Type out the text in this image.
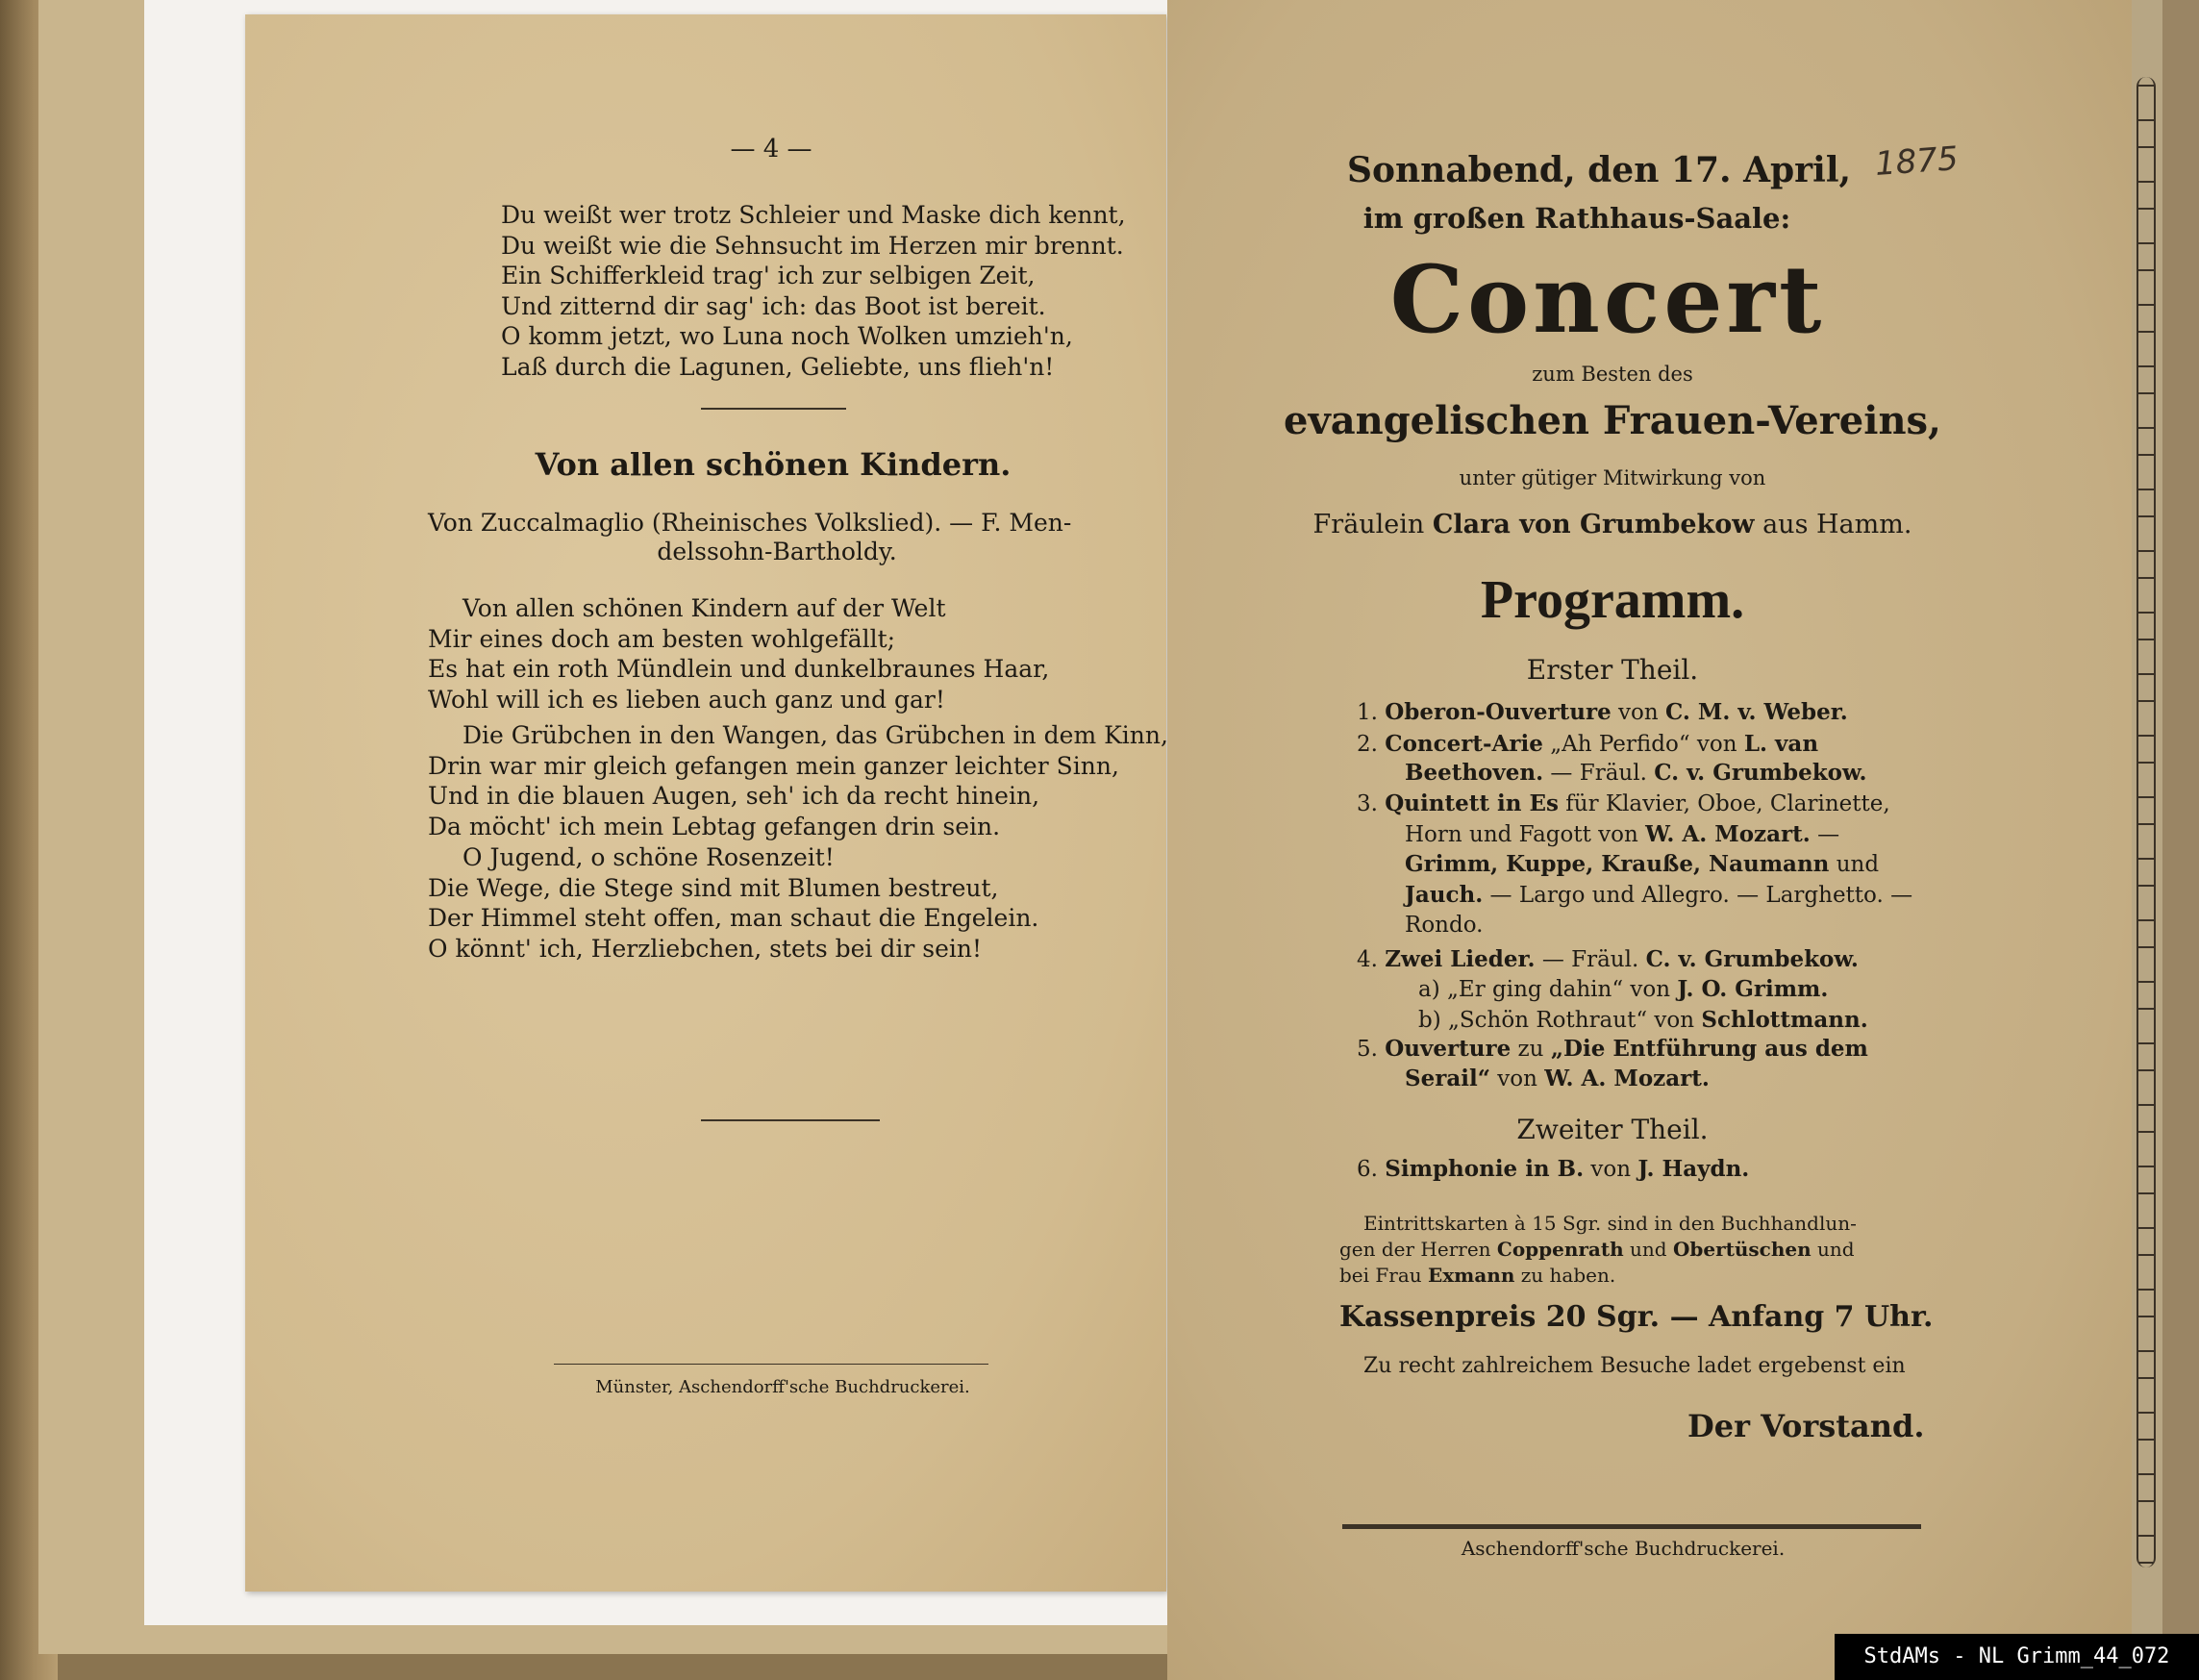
— 4 —
Du weißt wer trotz Schleier und Maske dich kennt,
Du weißt wie die Sehnsucht im Herzen mir brennt.
Ein Schifferkleid trag' ich zur selbigen Zeit,
Und zitternd dir sag' ich: das Boot ist bereit.
O komm jetzt, wo Luna noch Wolken umzieh'n,
Laß durch die Lagunen, Geliebte, uns flieh'n!
Von allen schönen Kindern.
Von Zuccalmaglio (Rheinisches Volkslied). — F. Men-
delssohn-Bartholdy.
Von allen schönen Kindern auf der Welt
Mir eines doch am besten wohlgefällt;
Es hat ein roth Mündlein und dunkelbraunes Haar,
Wohl will ich es lieben auch ganz und gar!
Die Grübchen in den Wangen, das Grübchen in dem Kinn,
Drin war mir gleich gefangen mein ganzer leichter Sinn,
Und in die blauen Augen, seh' ich da recht hinein,
Da möcht' ich mein Lebtag gefangen drin sein.
O Jugend, o schöne Rosenzeit!
Die Wege, die Stege sind mit Blumen bestreut,
Der Himmel steht offen, man schaut die Engelein.
O könnt' ich, Herzliebchen, stets bei dir sein!
Münster, Aschendorff'sche Buchdruckerei.
Sonnabend, den 17. April, 1875
im großen Rathhaus-Saale:
Concert
zum Besten des
evangelischen Frauen-Vereins,
unter gütiger Mitwirkung von
Fräulein Clara von Grumbekow aus Hamm.
Programm.
Erster Theil.
1. Oberon-Ouverture von C. M. v. Weber.
2. Concert-Arie „Ah Perfido“ von L. van
Beethoven. — Fräul. C. v. Grumbekow.
3. Quintett in Es für Klavier, Oboe, Clarinette,
Horn und Fagott von W. A. Mozart. —
Grimm, Kuppe, Krauße, Naumann und
Jauch. — Largo und Allegro. — Larghetto. —
Rondo.
4. Zwei Lieder. — Fräul. C. v. Grumbekow.
a) „Er ging dahin“ von J. O. Grimm.
b) „Schön Rothraut“ von Schlottmann.
5. Ouverture zu „Die Entführung aus dem
Serail“ von W. A. Mozart.
Zweiter Theil.
6. Simphonie in B. von J. Haydn.
Eintrittskarten à 15 Sgr. sind in den Buchhandlun-
gen der Herren Coppenrath und Obertüschen und
bei Frau Exmann zu haben.
Kassenpreis 20 Sgr. — Anfang 7 Uhr.
Zu recht zahlreichem Besuche ladet ergebenst ein
Der Vorstand.
Aschendorff'sche Buchdruckerei.
StdAMs - NL Grimm_44_072
